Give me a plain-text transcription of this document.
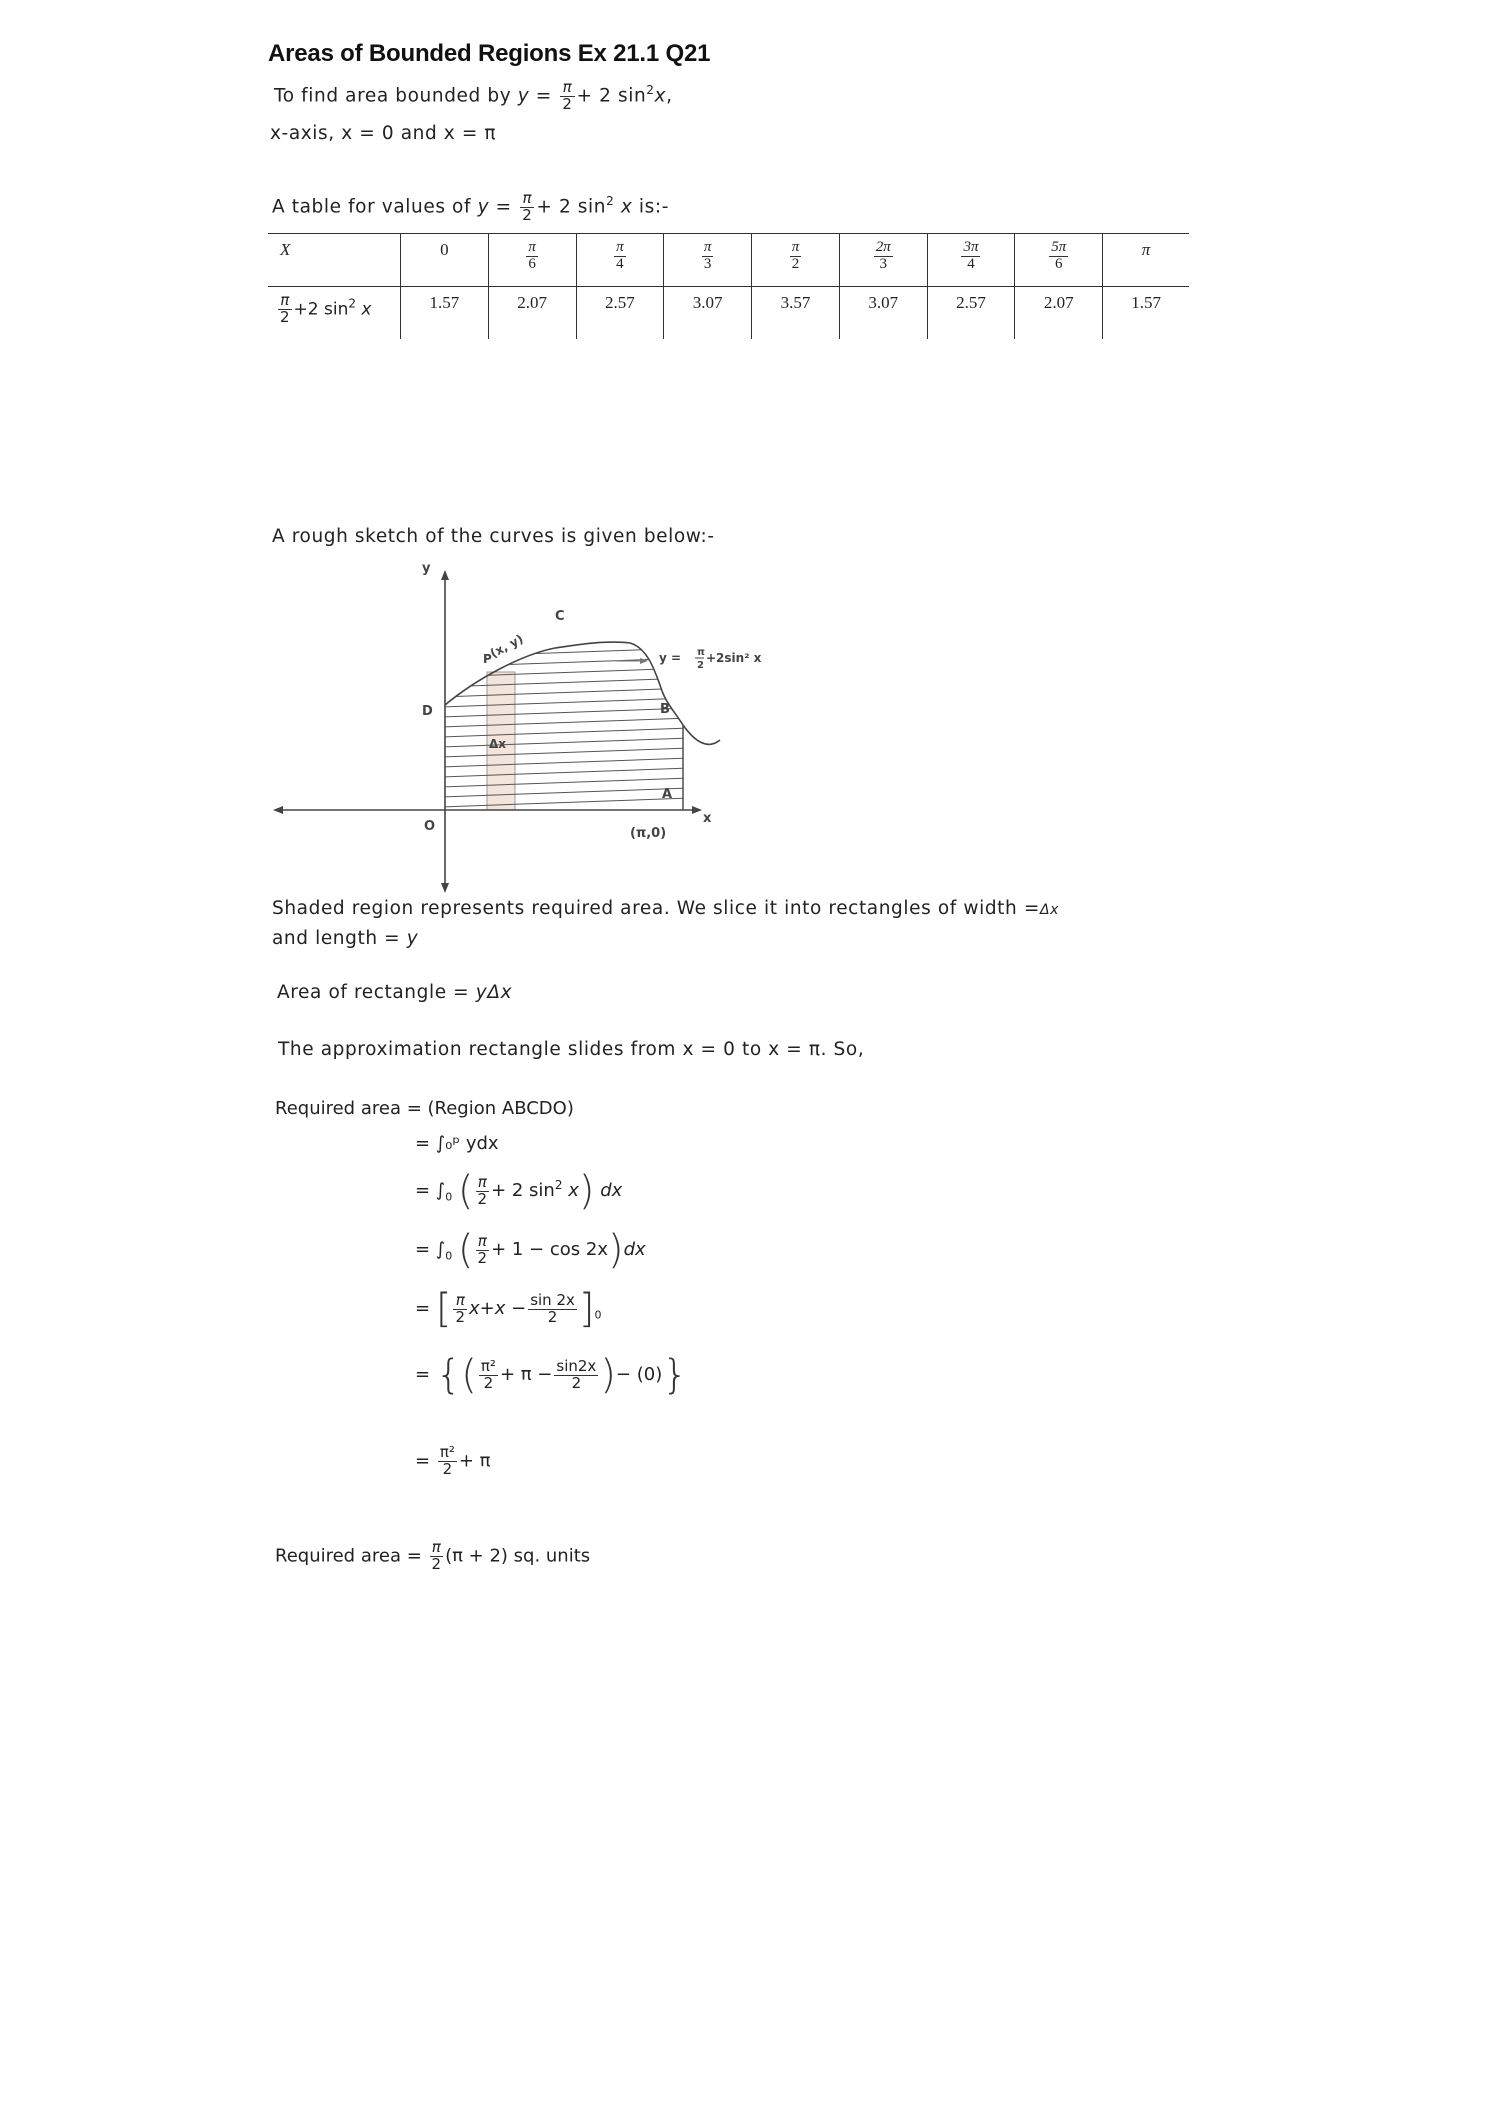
Areas of Bounded Regions Ex 21.1 Q21
To find area bounded by $y = \frac{\pi}{2} + 2$ $\sin^2x$,
x-axis, x = 0 and x = π
A table for values of $y = \frac{\pi}{2} + 2$ $\sin^2 x$ is:-
X	0	$\frac{\pi}{6}$	$\frac{\pi}{4}$	$\frac{\pi}{3}$	$\frac{\pi}{2}$	$\frac{2\pi}{3}$	$\frac{3\pi}{4}$	$\frac{5\pi}{6}$	π

$\frac{\pi}{2} +2$ $\sin^2 x$	1.57	2.07	2.57	3.07	3.57	3.07	2.57	2.07	1.57
A rough sketch of the curves is given below:-
y
x
O
D
C
B
A
P
(x, y)
Δx
(π,0)
y = π
2
+2sin² x
Shaded region represents required area. We slice it into rectangles of width =Δx
and length = y
Area of rectangle = yΔx
The approximation rectangle slides from x = 0 to x = π. So,
Required area = (Region ABCDO)
= ∫₀ᵖ ydx
= $\int_0$ ( $\frac{\pi}{2} + 2$ $\sin^2 x$) dx
= $\int_0$ ( $\frac{\pi}{2} + 1 - \cos 2x)dx$
= [ $\frac{\pi}{2} x+x - \frac{\sin 2x}{2} ]_0$
= {( $\frac{\text{π²}}{2} + \pi - \frac{\sin 2x}{2}$ )− (0)}
= $\frac{\text{π²}}{2} + \pi$
Required area = $\frac{\pi}{2} (\pi + 2)$ sq. units
